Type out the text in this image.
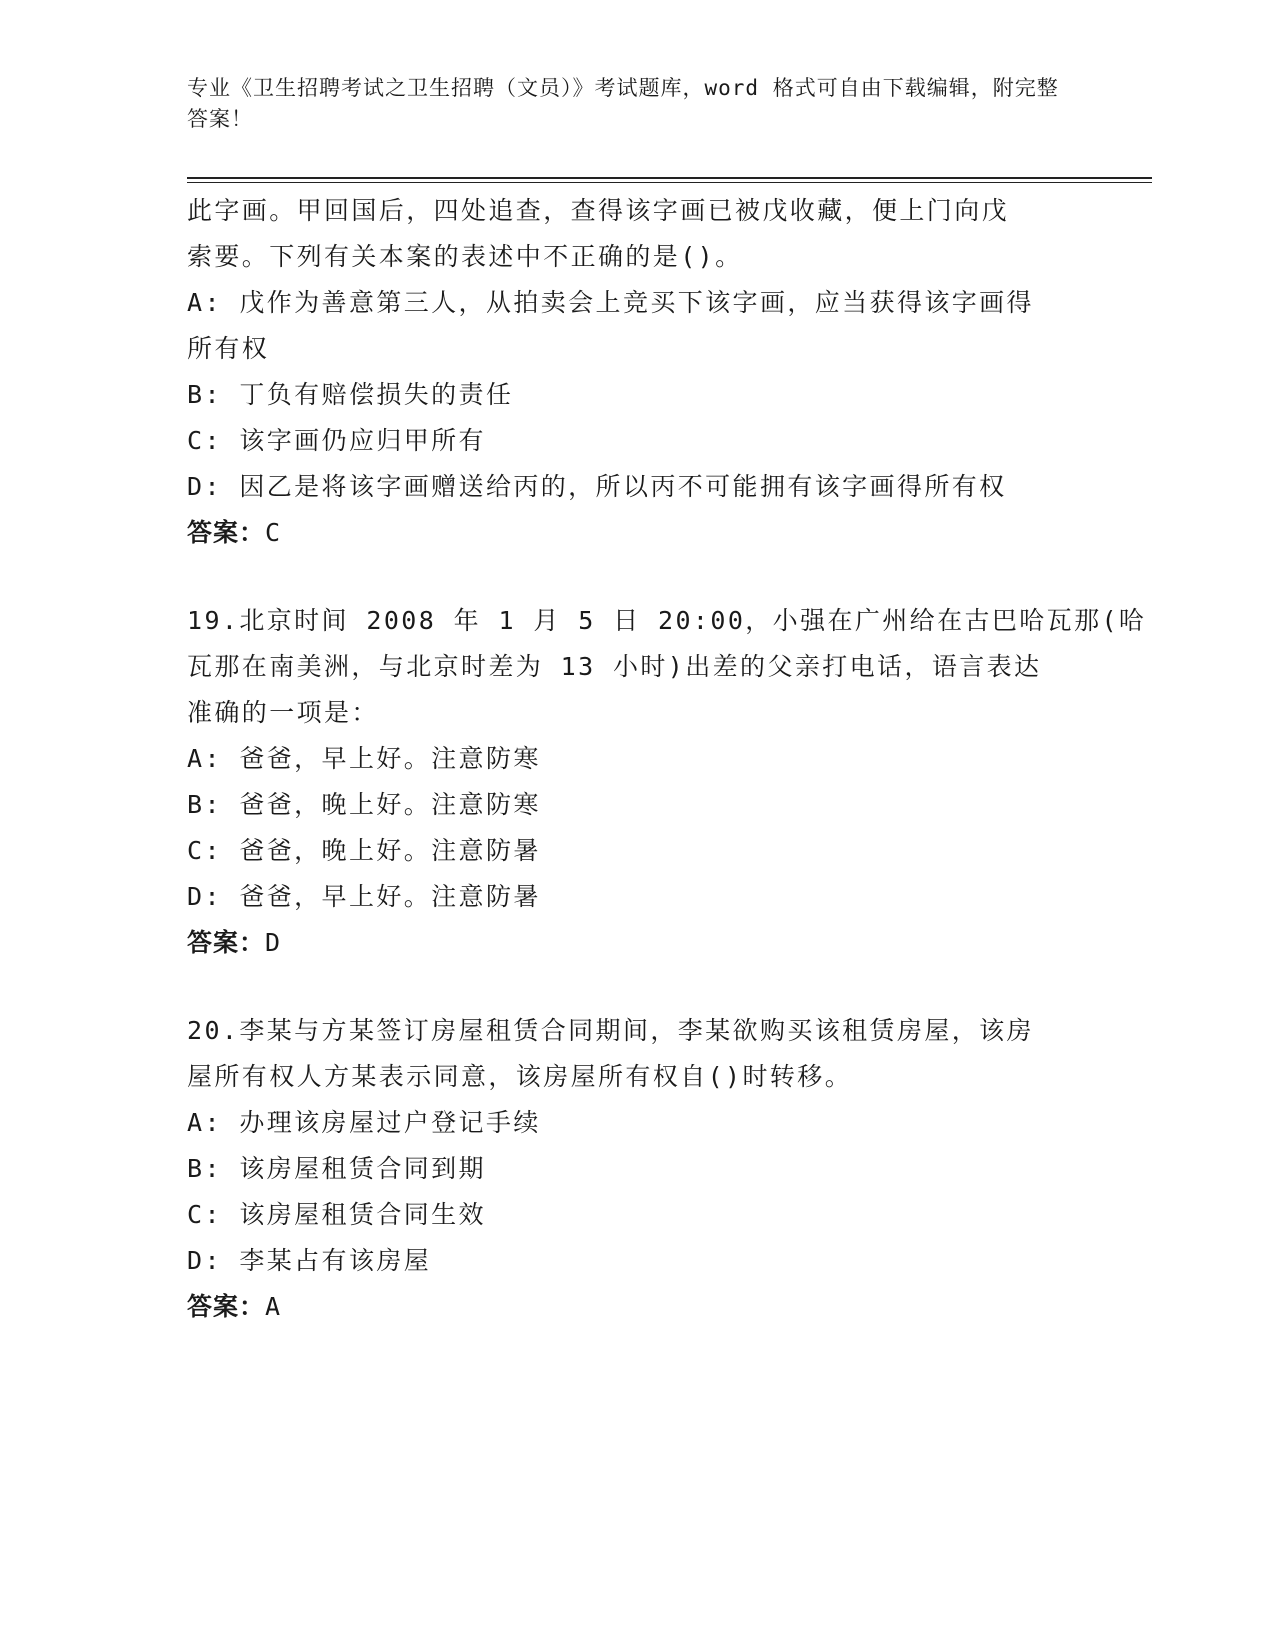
专业《卫生招聘考试之卫生招聘（文员）》考试题库，word 格式可自由下载编辑，附完整答案！
此字画。甲回国后，四处追查，查得该字画已被戊收藏，便上门向戊
索要。下列有关本案的表述中不正确的是()。
A: 戊作为善意第三人，从拍卖会上竞买下该字画，应当获得该字画得
所有权
B: 丁负有赔偿损失的责任
C: 该字画仍应归甲所有
D: 因乙是将该字画赠送给丙的，所以丙不可能拥有该字画得所有权
答案：C
19.北京时间 2008 年 1 月 5 日 20:00，小强在广州给在古巴哈瓦那(哈
瓦那在南美洲，与北京时差为 13 小时)出差的父亲打电话，语言表达
准确的一项是：
A: 爸爸，早上好。注意防寒
B: 爸爸，晚上好。注意防寒
C: 爸爸，晚上好。注意防暑
D: 爸爸，早上好。注意防暑
答案：D
20.李某与方某签订房屋租赁合同期间，李某欲购买该租赁房屋，该房
屋所有权人方某表示同意，该房屋所有权自()时转移。
A: 办理该房屋过户登记手续
B: 该房屋租赁合同到期
C: 该房屋租赁合同生效
D: 李某占有该房屋
答案：A
